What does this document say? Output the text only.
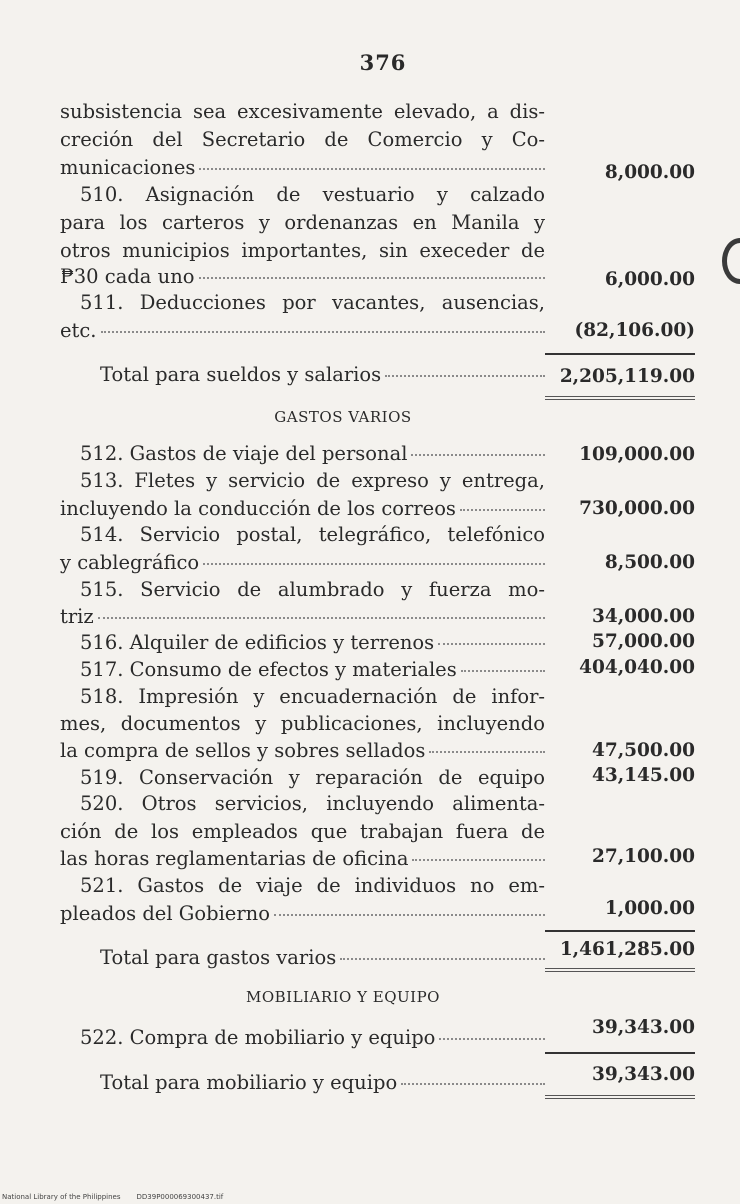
376
subsistencia sea excesivamente elevado, a dis-
creción del Secretario de Comercio y Co-
municaciones	8,000.00
510. Asignación de vestuario y calzado
para los carteros y ordenanzas en Manila y
otros municipios importantes, sin execeder de
₱30 cada uno	6,000.00
511. Deducciones por vacantes, ausencias,
etc.	(82,106.00)
Total para sueldos y salarios	2,205,119.00
GASTOS VARIOS
512. Gastos de viaje del personal	109,000.00
513. Fletes y servicio de expreso y entrega,
incluyendo la conducción de los correos	730,000.00
514. Servicio postal, telegráfico, telefónico
y cablegráfico	8,500.00
515. Servicio de alumbrado y fuerza mo-
triz	34,000.00
516. Alquiler de edificios y terrenos	57,000.00
517. Consumo de efectos y materiales	404,040.00
518. Impresión y encuadernación de infor-
mes, documentos y publicaciones, incluyendo
la compra de sellos y sobres sellados	47,500.00
519. Conservación y reparación de equipo	43,145.00
520. Otros servicios, incluyendo alimenta-
ción de los empleados que trabajan fuera de
las horas reglamentarias de oficina	27,100.00
521. Gastos de viaje de individuos no em-
pleados del Gobierno	1,000.00
Total para gastos varios	1,461,285.00
MOBILIARIO Y EQUIPO
522. Compra de mobiliario y equipo	39,343.00
Total para mobiliario y equipo	39,343.00
National Library of the Philippines DD39P000069300437.tif
